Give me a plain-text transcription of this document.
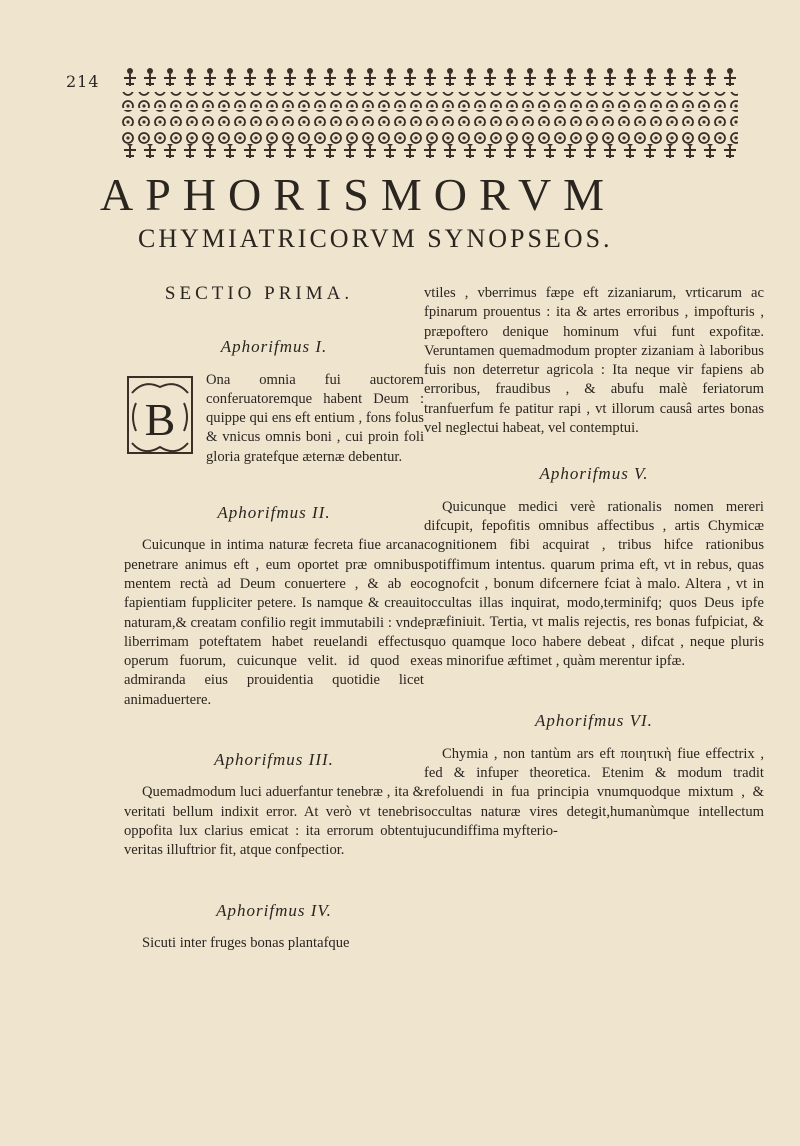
214
APHORISMORVM
CHYMIATRICORVM SYNOPSEOS.
SECTIO PRIMA.
Aphorifmus I.
B
Ona omnia fui auctorem conferuatoremque habent Deum : quippe qui ens eft entium , fons folus & vnicus omnis boni , cui proin foli gloria gratefque æternæ debentur.
Aphorifmus II.
Cuicunque in intima naturæ fecreta fiue arcana penetrare animus eft , eum oportet præ omnibus mentem rectà ad Deum conuertere , & ab eo fapientiam fuppliciter petere. Is namque & creauit naturam,& creatam confilio regit immutabili : vnde liberrimam poteftatem habet reuelandi effectus operum fuorum, cuicunque velit. id quod ex admiranda eius prouidentia quotidie licet animaduertere.
Aphorifmus III.
Quemadmodum luci aduerfantur tenebræ , ita & veritati bellum indixit error. At verò vt tenebris oppofita lux clarius emicat : ita errorum obtentu veritas illuftrior fit, atque confpectior.
Aphorifmus IV.
Sicuti inter fruges bonas plantafque
vtiles , vberrimus fæpe eft zizaniarum, vrticarum ac fpinarum prouentus : ita & artes erroribus , impofturis , præpoftero denique hominum vfui funt expofitæ. Veruntamen quemadmodum propter zizaniam à laboribus fuis non deterretur agricola : Ita neque vir fapiens ab erroribus, fraudibus , & abufu malè feriatorum tranfuerfum fe patitur rapi , vt illorum causâ artes bonas vel neglectui habeat, vel contemptui.
Aphorifmus V.
Quicunque medici verè rationalis nomen mereri difcupit, fepofitis omnibus affectibus , artis Chymicæ cognitionem fibi acquirat , tribus hifce rationibus potiffimum intentus. quarum prima eft, vt in rebus, quas cognofcit , bonum difcernere fciat à malo. Altera , vt in occultas illas inquirat, modo,terminifq; quos Deus ipfe præfiniuit. Tertia, vt malis rejectis, res bonas fufpiciat, & quo quamque loco habere debeat , difcat , neque pluris eas minorifue æftimet , quàm merentur ipfæ.
Aphorifmus VI.
Chymia , non tantùm ars eft ποιητικὴ fiue effectrix , fed & infuper theoretica. Etenim & modum tradit refoluendi in fua principia vnumquodque mixtum , & occultas naturæ vires detegit,humanùmque intellectum jucundiffima myfterio-
